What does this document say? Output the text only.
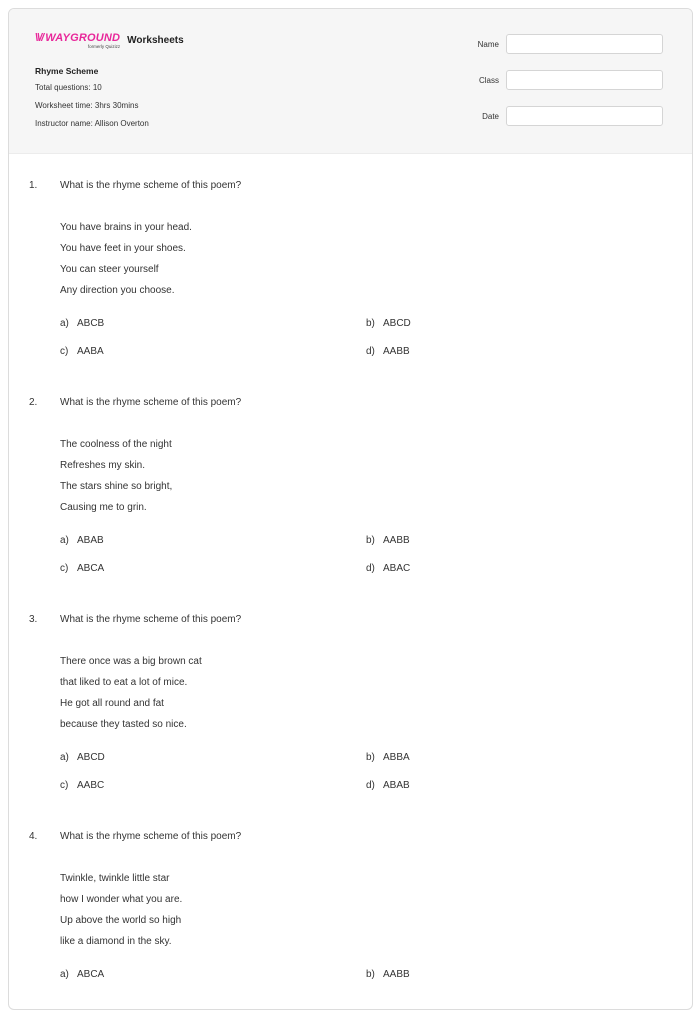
\\// WAYGROUND
formerly Quizizz
Worksheets
Rhyme Scheme
Total questions: 10
Worksheet time: 3hrs 30mins
Instructor name: Allison Overton
Name
Class
Date
1.	What is the rhyme scheme of this poem?
You have brains in your head.
You have feet in your shoes.
You can steer yourself
Any direction you choose.
a) ABCB	b) ABCD
c) AABA	d) AABB
2.	What is the rhyme scheme of this poem?
The coolness of the night
Refreshes my skin.
The stars shine so bright,
Causing me to grin.
a) ABAB	b) AABB
c) ABCA	d) ABAC
3.	What is the rhyme scheme of this poem?
There once was a big brown cat
that liked to eat a lot of mice.
He got all round and fat
because they tasted so nice.
a) ABCD	b) ABBA
c) AABC	d) ABAB
4.	What is the rhyme scheme of this poem?
Twinkle, twinkle little star
how I wonder what you are.
Up above the world so high
like a diamond in the sky.
a) ABCA	b) AABB
